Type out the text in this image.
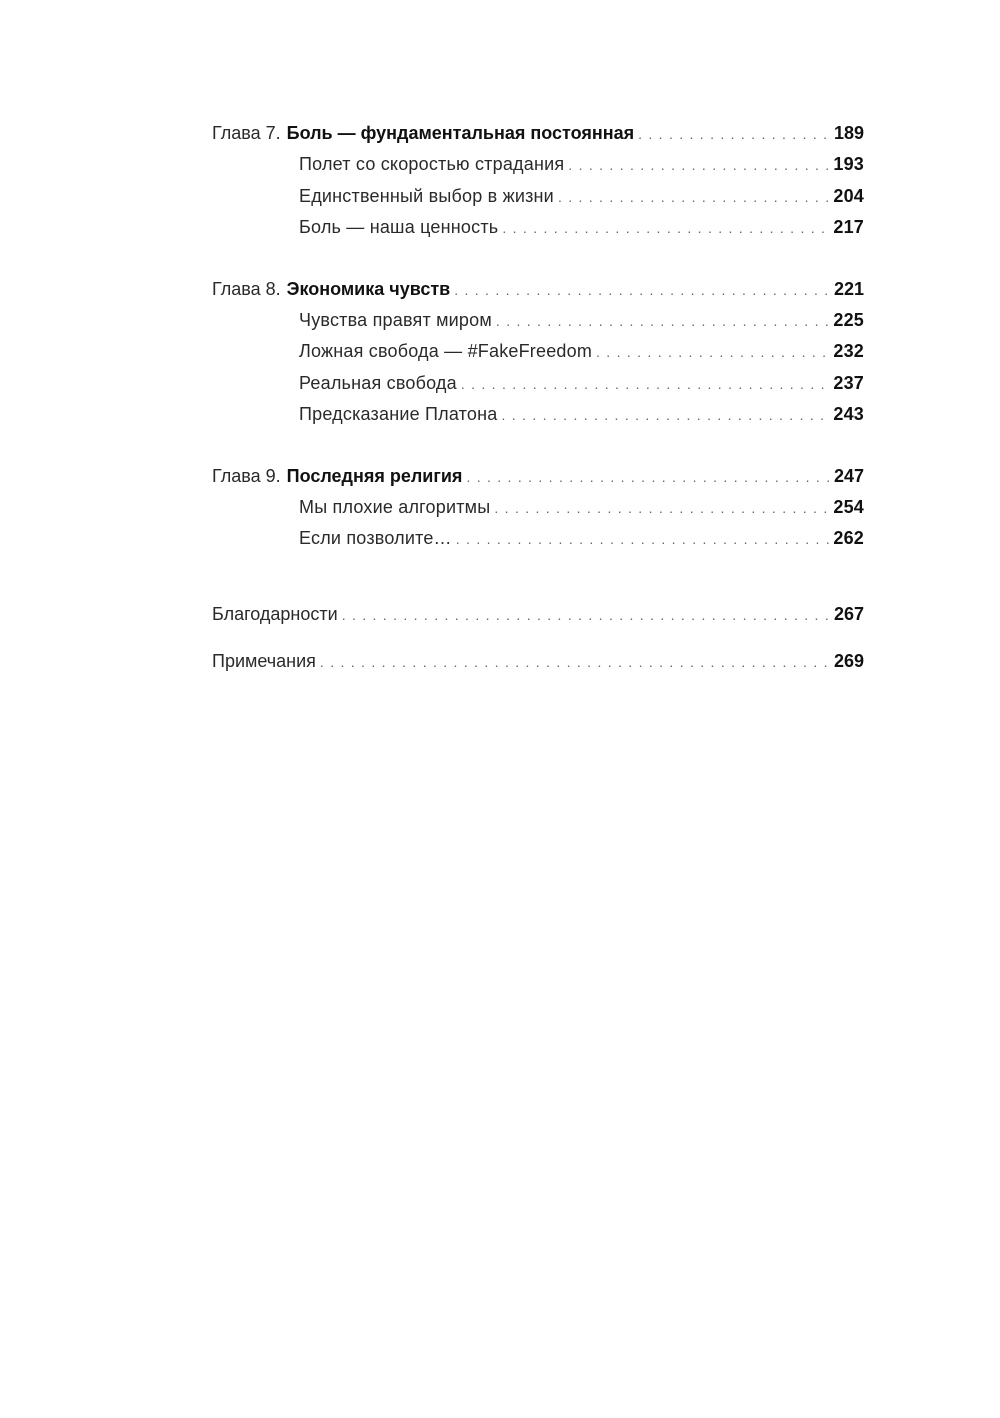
Глава 7. Боль — фундаментальная постоянная . . .	189
Полет со скоростью страдания . . .	193
Единственный выбор в жизни . . .	204
Боль — наша ценность . . .	217
Глава 8. Экономика чувств . . .	221
Чувства правят миром . . .	225
Ложная свобода — #FakeFreedom . . .	232
Реальная свобода . . .	237
Предсказание Платона . . .	243
Глава 9. Последняя религия . . .	247
Мы плохие алгоритмы . . .	254
Если позволите… . . .	262
Благодарности . . .	267
Примечания . . .	269
